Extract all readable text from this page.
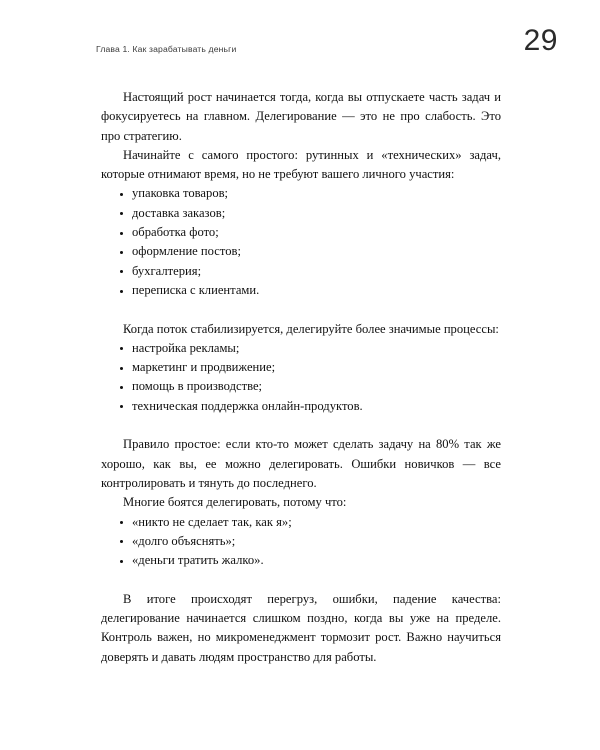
Глава 1. Как зарабатывать деньги	29

Настоящий рост начинается тогда, когда вы отпускаете часть задач и фокусируетесь на главном. Делегирование — это не про слабость. Это про стратегию.

Начинайте с самого простого: рутинных и «технических» задач, которые отнимают время, но не требуют вашего личного участия:

упаковка товаров;
доставка заказов;
обработка фото;
оформление постов;
бухгалтерия;
переписка с клиентами.

Когда поток стабилизируется, делегируйте более значимые процессы:

настройка рекламы;
маркетинг и продвижение;
помощь в производстве;
техническая поддержка онлайн-продуктов.

Правило простое: если кто-то может сделать задачу на 80% так же хорошо, как вы, ее можно делегировать. Ошибки новичков — все контролировать и тянуть до последнего.

Многие боятся делегировать, потому что:

«никто не сделает так, как я»;
«долго объяснять»;
«деньги тратить жалко».

В итоге происходят перегруз, ошибки, падение качества: делегирование начинается слишком поздно, когда вы уже на пределе. Контроль важен, но микроменеджмент тормозит рост. Важно научиться доверять и давать людям пространство для работы.
